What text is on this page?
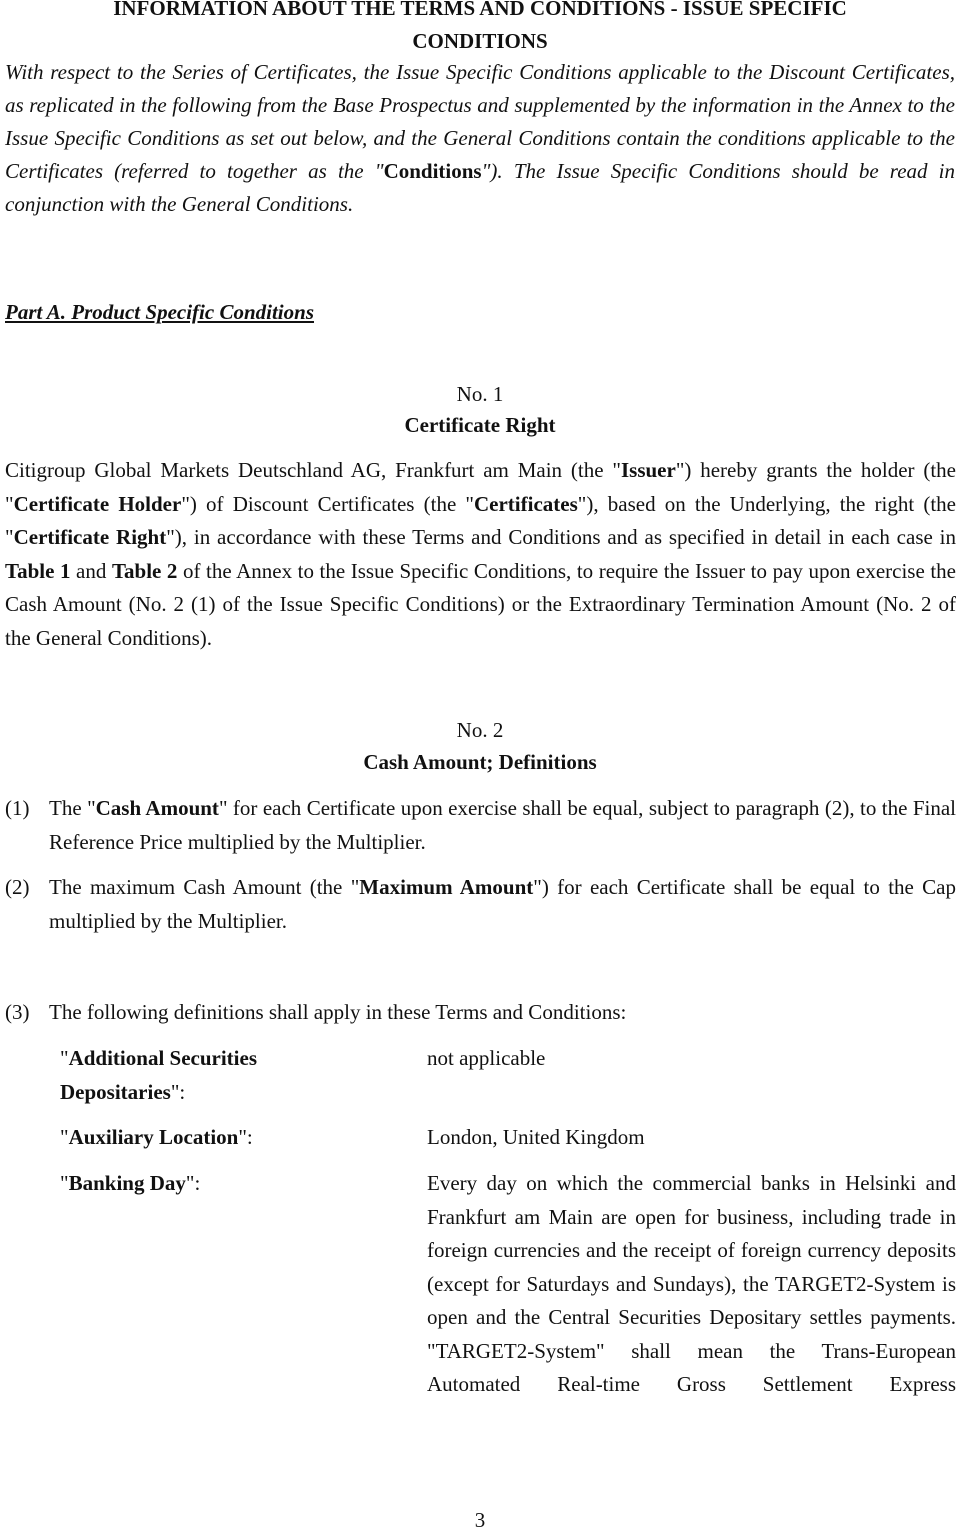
INFORMATION ABOUT THE TERMS AND CONDITIONS - ISSUE SPECIFIC
CONDITIONS
With respect to the Series of Certificates, the Issue Specific Conditions applicable to the Discount Certificates, as replicated in the following from the Base Prospectus and supplemented by the information in the Annex to the Issue Specific Conditions as set out below, and the General Conditions contain the conditions applicable to the Certificates (referred to together as the "Conditions"). The Issue Specific Conditions should be read in conjunction with the General Conditions.
Part A. Product Specific Conditions
No. 1
Certificate Right
Citigroup Global Markets Deutschland AG, Frankfurt am Main (the "Issuer") hereby grants the holder (the "Certificate Holder") of Discount Certificates (the "Certificates"), based on the Underlying, the right (the "Certificate Right"), in accordance with these Terms and Conditions and as specified in detail in each case in Table 1 and Table 2 of the Annex to the Issue Specific Conditions, to require the Issuer to pay upon exercise the Cash Amount (No. 2 (1) of the Issue Specific Conditions) or the Extraordinary Termination Amount (No. 2 of the General Conditions).
No. 2
Cash Amount; Definitions
(1) The "Cash Amount" for each Certificate upon exercise shall be equal, subject to paragraph (2), to the Final Reference Price multiplied by the Multiplier.
(2) The maximum Cash Amount (the "Maximum Amount") for each Certificate shall be equal to the Cap multiplied by the Multiplier.
(3) The following definitions shall apply in these Terms and Conditions:
"Additional Securities Depositaries":
not applicable
"Auxiliary Location":	London, United Kingdom
"Banking Day":	Every day on which the commercial banks in Helsinki and Frankfurt am Main are open for business, including trade in foreign currencies and the receipt of foreign currency deposits (except for Saturdays and Sundays), the TARGET2-System is open and the Central Securities Depositary settles payments. "TARGET2-System" shall mean the Trans-European Automated Real-time Gross Settlement Express
3
